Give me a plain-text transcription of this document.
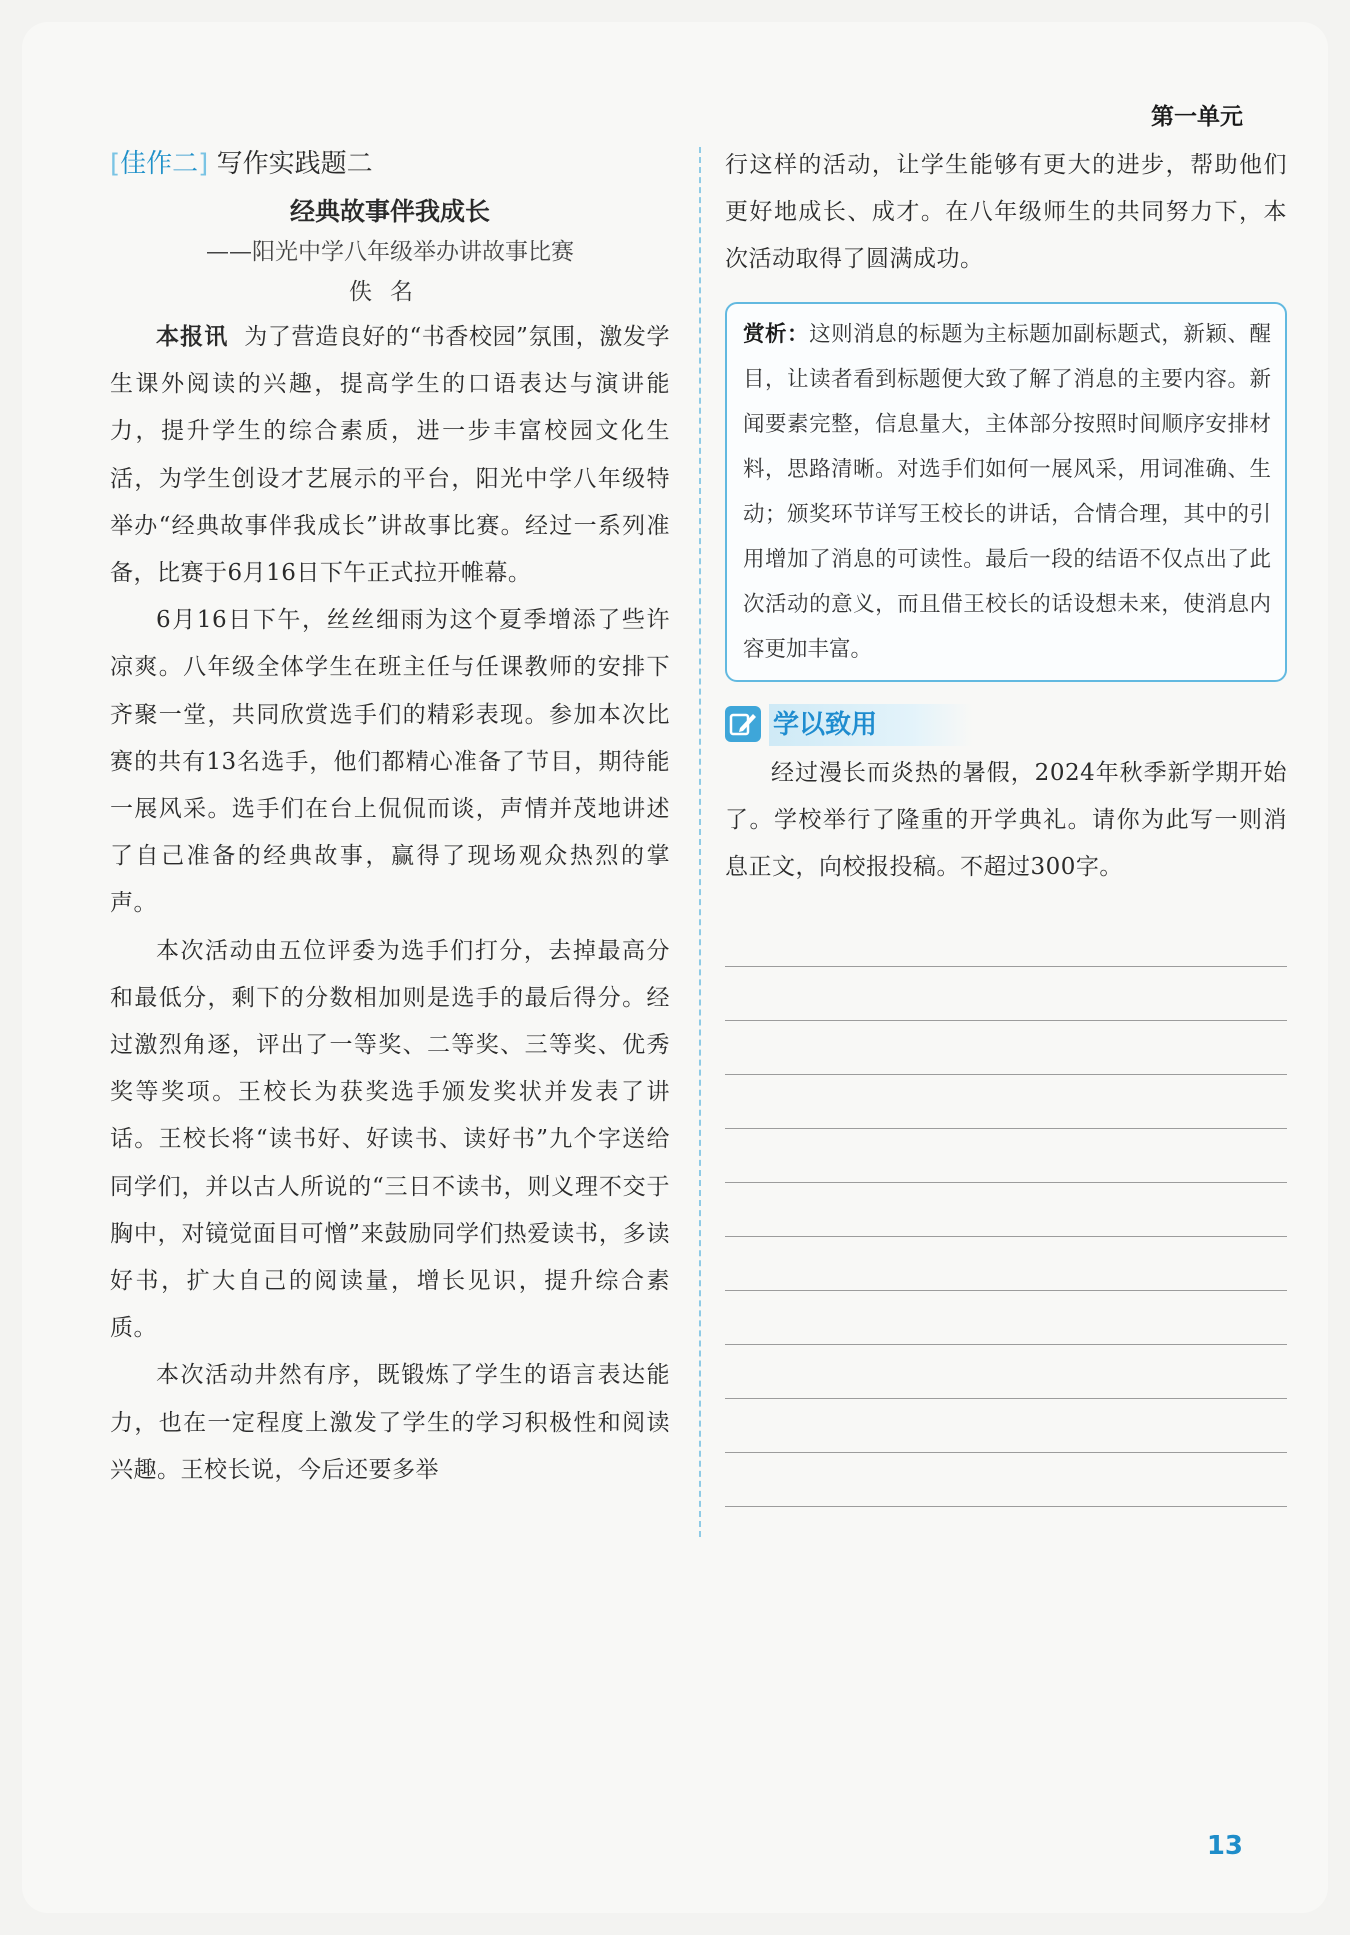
第一单元
[佳作二] 写作实践题二
经典故事伴我成长
——阳光中学八年级举办讲故事比赛
佚名

本报讯 为了营造良好的“书香校园”氛围，激发学生课外阅读的兴趣，提高学生的口语表达与演讲能力，提升学生的综合素质，进一步丰富校园文化生活，为学生创设才艺展示的平台，阳光中学八年级特举办“经典故事伴我成长”讲故事比赛。经过一系列准备，比赛于6月16日下午正式拉开帷幕。

6月16日下午，丝丝细雨为这个夏季增添了些许凉爽。八年级全体学生在班主任与任课教师的安排下齐聚一堂，共同欣赏选手们的精彩表现。参加本次比赛的共有13名选手，他们都精心准备了节目，期待能一展风采。选手们在台上侃侃而谈，声情并茂地讲述了自己准备的经典故事，赢得了现场观众热烈的掌声。

本次活动由五位评委为选手们打分，去掉最高分和最低分，剩下的分数相加则是选手的最后得分。经过激烈角逐，评出了一等奖、二等奖、三等奖、优秀奖等奖项。王校长为获奖选手颁发奖状并发表了讲话。王校长将“读书好、好读书、读好书”九个字送给同学们，并以古人所说的“三日不读书，则义理不交于胸中，对镜觉面目可憎”来鼓励同学们热爱读书，多读好书，扩大自己的阅读量，增长见识，提升综合素质。

本次活动井然有序，既锻炼了学生的语言表达能力，也在一定程度上激发了学生的学习积极性和阅读兴趣。王校长说，今后还要多举

行这样的活动，让学生能够有更大的进步，帮助他们更好地成长、成才。在八年级师生的共同努力下，本次活动取得了圆满成功。

赏析：这则消息的标题为主标题加副标题式，新颖、醒目，让读者看到标题便大致了解了消息的主要内容。新闻要素完整，信息量大，主体部分按照时间顺序安排材料，思路清晰。对选手们如何一展风采，用词准确、生动；颁奖环节详写王校长的讲话，合情合理，其中的引用增加了消息的可读性。最后一段的结语不仅点出了此次活动的意义，而且借王校长的话设想未来，使消息内容更加丰富。

学以致用

经过漫长而炎热的暑假，2024年秋季新学期开始了。学校举行了隆重的开学典礼。请你为此写一则消息正文，向校报投稿。不超过300字。

13
